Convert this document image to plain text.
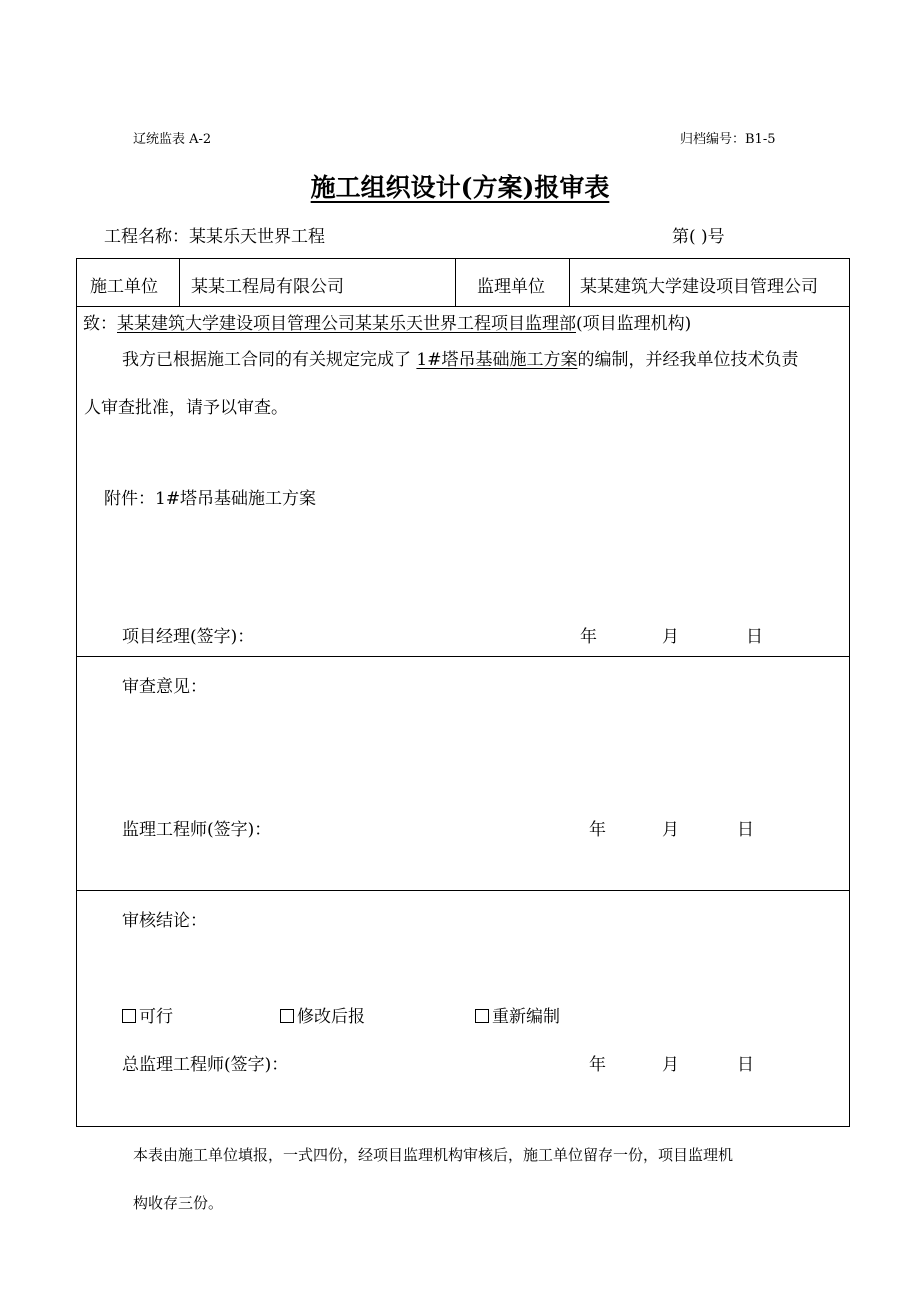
辽统监表 A-2	归档编号：B1-5
施工组织设计(方案)报审表
工程名称：某某乐天世界工程	第( )号
施工单位 某某工程局有限公司	监理单位 某某建筑大学建设项目管理公司
致：某某建筑大学建设项目管理公司某某乐天世界工程项目监理部(项目监理机构)
我方已根据施工合同的有关规定完成了 1#塔吊基础施工方案的编制，并经我单位技术负责
人审查批准，请予以审查。
附件：1#塔吊基础施工方案
项目经理(签字)：	年	月	日
审查意见：
监理工程师(签字)：	年	月	日
审核结论：
可行	修改后报	重新编制
总监理工程师(签字)：	年	月	日
本表由施工单位填报，一式四份，经项目监理机构审核后，施工单位留存一份，项目监理机
构收存三份。
